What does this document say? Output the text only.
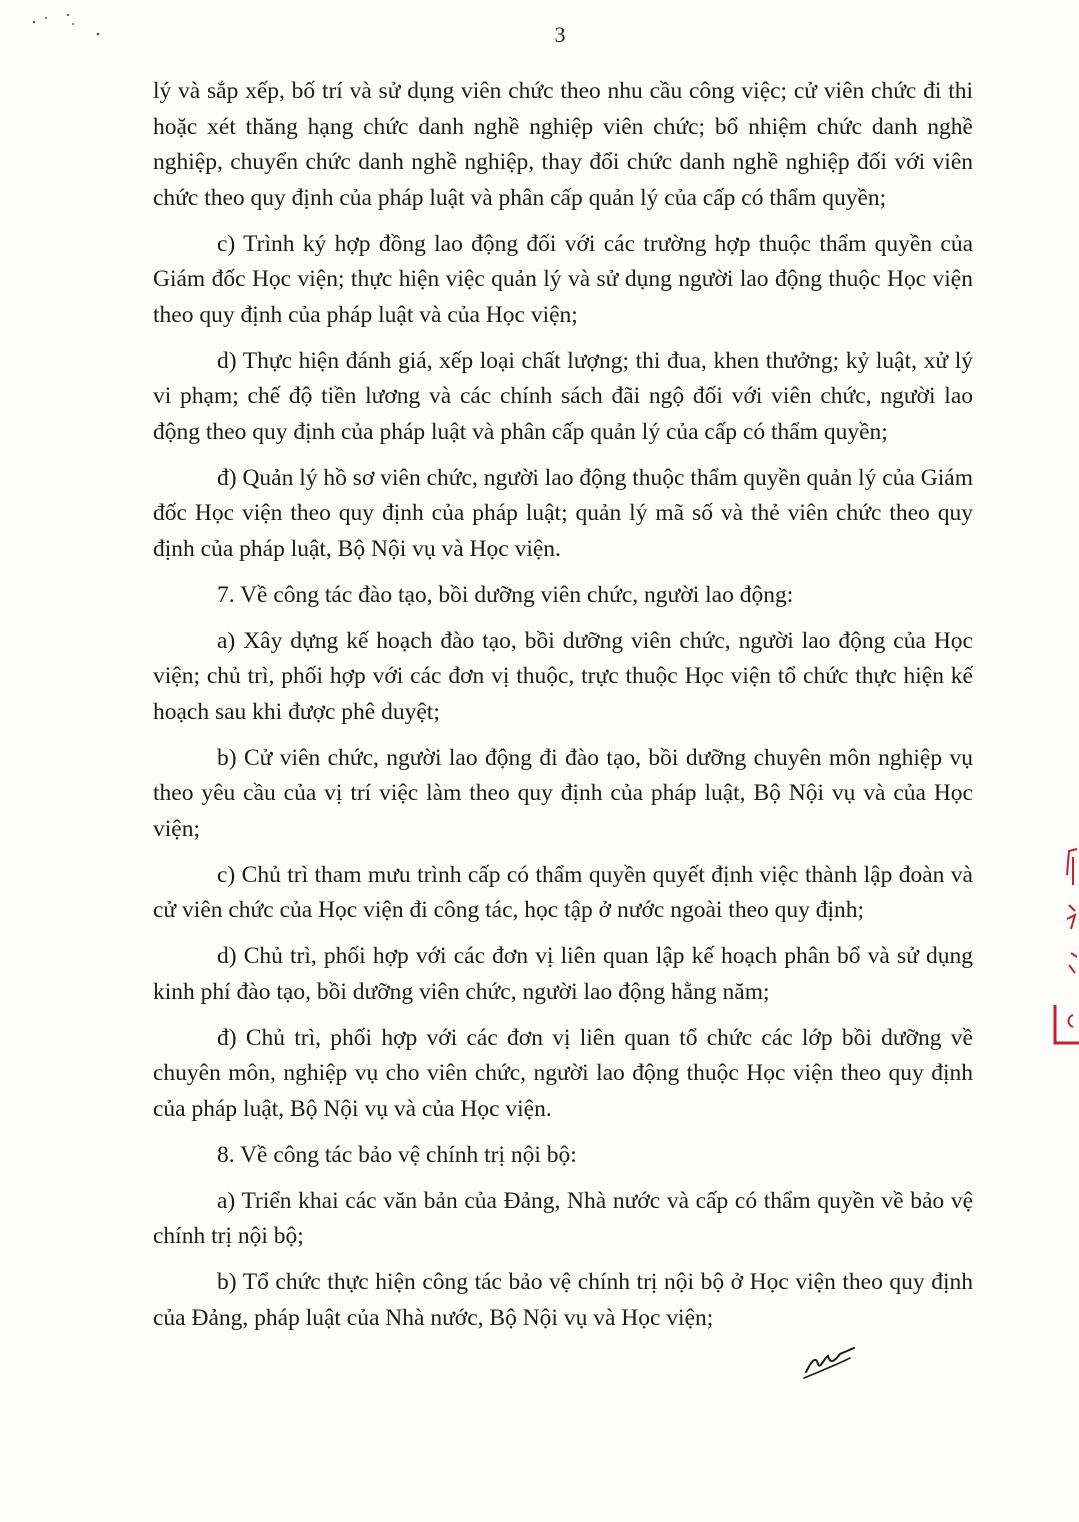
3

lý và sắp xếp, bố trí và sử dụng viên chức theo nhu cầu công việc; cử viên chức đi thi hoặc xét thăng hạng chức danh nghề nghiệp viên chức; bổ nhiệm chức danh nghề nghiệp, chuyển chức danh nghề nghiệp, thay đổi chức danh nghề nghiệp đối với viên chức theo quy định của pháp luật và phân cấp quản lý của cấp có thẩm quyền;

c) Trình ký hợp đồng lao động đối với các trường hợp thuộc thẩm quyền của Giám đốc Học viện; thực hiện việc quản lý và sử dụng người lao động thuộc Học viện theo quy định của pháp luật và của Học viện;

d) Thực hiện đánh giá, xếp loại chất lượng; thi đua, khen thưởng; kỷ luật, xử lý vi phạm; chế độ tiền lương và các chính sách đãi ngộ đối với viên chức, người lao động theo quy định của pháp luật và phân cấp quản lý của cấp có thẩm quyền;

đ) Quản lý hồ sơ viên chức, người lao động thuộc thẩm quyền quản lý của Giám đốc Học viện theo quy định của pháp luật; quản lý mã số và thẻ viên chức theo quy định của pháp luật, Bộ Nội vụ và Học viện.

7. Về công tác đào tạo, bồi dưỡng viên chức, người lao động:

a) Xây dựng kế hoạch đào tạo, bồi dưỡng viên chức, người lao động của Học viện; chủ trì, phối hợp với các đơn vị thuộc, trực thuộc Học viện tổ chức thực hiện kế hoạch sau khi được phê duyệt;

b) Cử viên chức, người lao động đi đào tạo, bồi dưỡng chuyên môn nghiệp vụ theo yêu cầu của vị trí việc làm theo quy định của pháp luật, Bộ Nội vụ và của Học viện;

c) Chủ trì tham mưu trình cấp có thẩm quyền quyết định việc thành lập đoàn và cử viên chức của Học viện đi công tác, học tập ở nước ngoài theo quy định;

d) Chủ trì, phối hợp với các đơn vị liên quan lập kế hoạch phân bổ và sử dụng kinh phí đào tạo, bồi dưỡng viên chức, người lao động hằng năm;

đ) Chủ trì, phối hợp với các đơn vị liên quan tổ chức các lớp bồi dưỡng về chuyên môn, nghiệp vụ cho viên chức, người lao động thuộc Học viện theo quy định của pháp luật, Bộ Nội vụ và của Học viện.

8. Về công tác bảo vệ chính trị nội bộ:

a) Triển khai các văn bản của Đảng, Nhà nước và cấp có thẩm quyền về bảo vệ chính trị nội bộ;

b) Tổ chức thực hiện công tác bảo vệ chính trị nội bộ ở Học viện theo quy định của Đảng, pháp luật của Nhà nước, Bộ Nội vụ và Học viện;
